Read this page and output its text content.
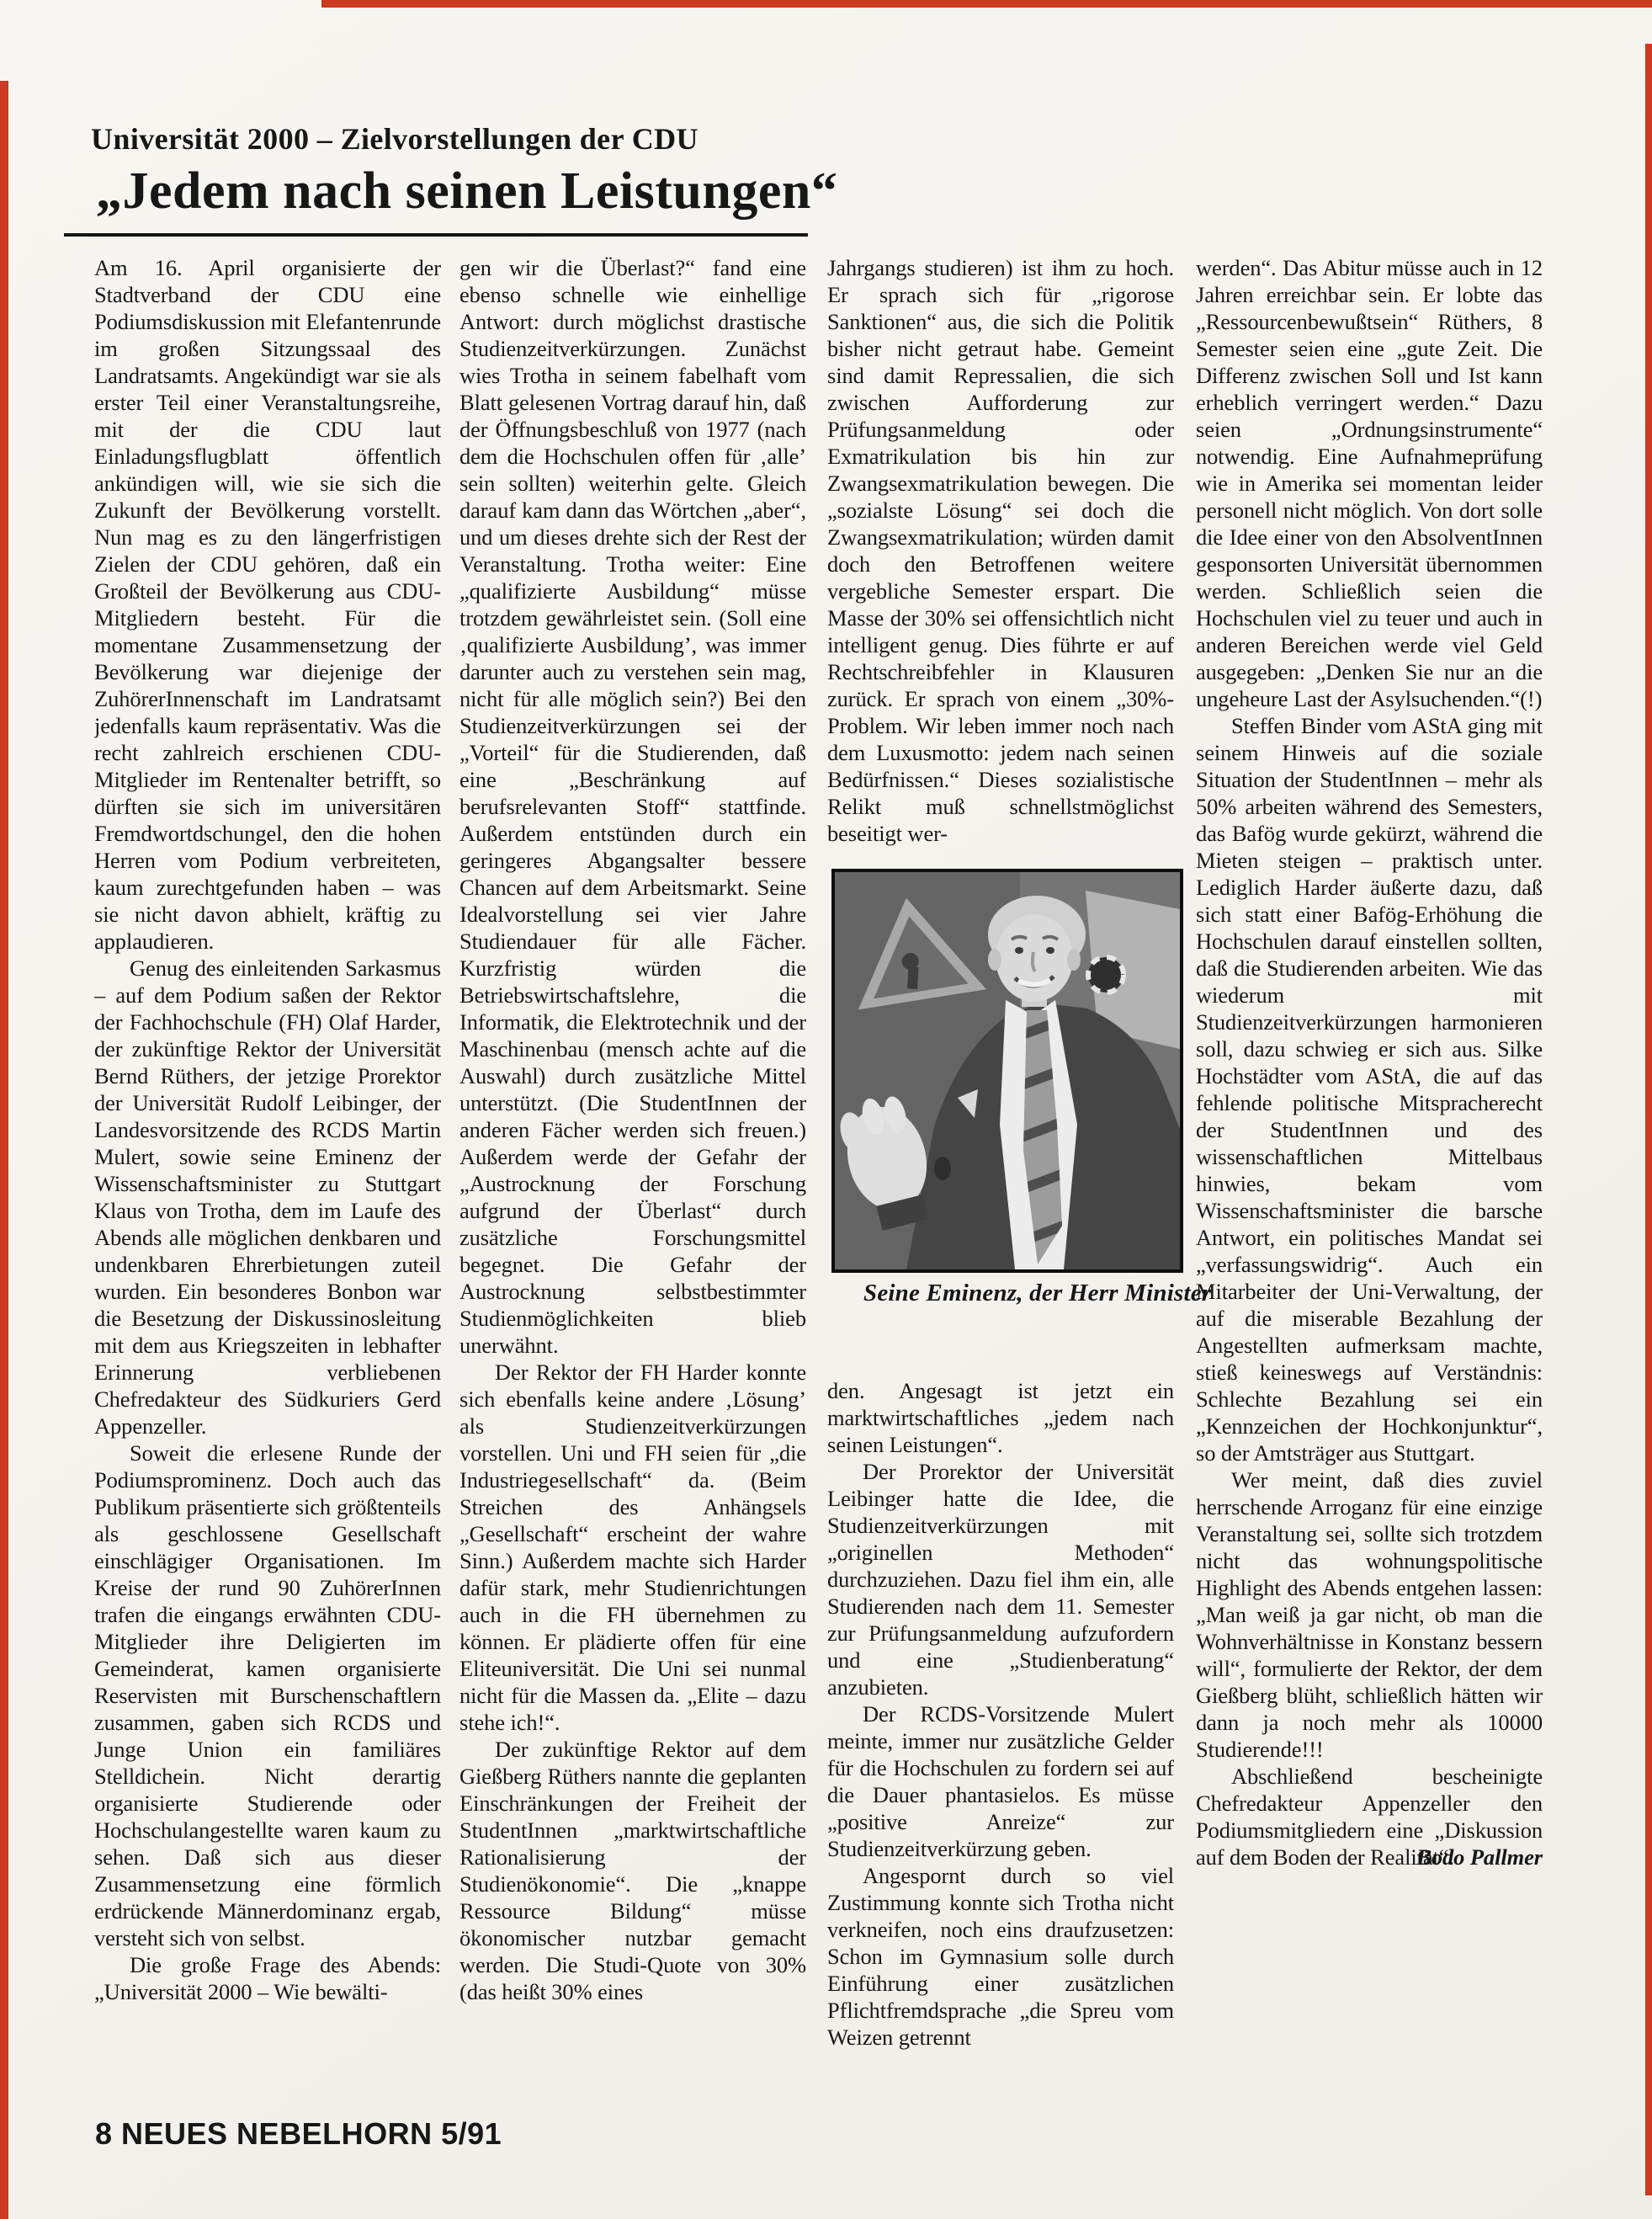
Universität 2000 – Zielvorstellungen der CDU
„Jedem nach seinen Leistungen“

Am 16. April organisierte der Stadtverband der CDU eine Podiumsdiskussion mit Elefantenrunde im großen Sitzungssaal des Landratsamts. Angekündigt war sie als erster Teil einer Veranstaltungsreihe, mit der die CDU laut Einladungsflugblatt öffentlich ankündigen will, wie sie sich die Zukunft der Bevölkerung vorstellt. Nun mag es zu den längerfristigen Zielen der CDU gehören, daß ein Großteil der Bevölkerung aus CDU-Mitgliedern besteht. Für die momentane Zusammensetzung der Bevölkerung war diejenige der ZuhörerInnenschaft im Landratsamt jedenfalls kaum repräsentativ. Was die recht zahlreich erschienen CDU-Mitglieder im Rentenalter betrifft, so dürften sie sich im universitären Fremdwortdschungel, den die hohen Herren vom Podium verbreiteten, kaum zurechtgefunden haben – was sie nicht davon abhielt, kräftig zu applaudieren.

Genug des einleitenden Sarkasmus – auf dem Podium saßen der Rektor der Fachhochschule (FH) Olaf Harder, der zukünftige Rektor der Universität Bernd Rüthers, der jetzige Prorektor der Universität Rudolf Leibinger, der Landesvorsitzende des RCDS Martin Mulert, sowie seine Eminenz der Wissenschaftsminister zu Stuttgart Klaus von Trotha, dem im Laufe des Abends alle möglichen denkbaren und undenkbaren Ehrerbietungen zuteil wurden. Ein besonderes Bonbon war die Besetzung der Diskussinosleitung mit dem aus Kriegszeiten in lebhafter Erinnerung verbliebenen Chefredakteur des Südkuriers Gerd Appenzeller.

Soweit die erlesene Runde der Podiumsprominenz. Doch auch das Publikum präsentierte sich größtenteils als geschlossene Gesellschaft einschlägiger Organisationen. Im Kreise der rund 90 ZuhörerInnen trafen die eingangs erwähnten CDU-Mitglieder ihre Deligierten im Gemeinderat, kamen organisierte Reservisten mit Burschenschaftlern zusammen, gaben sich RCDS und Junge Union ein familiäres Stelldichein. Nicht derartig organisierte Studierende oder Hochschulangestellte waren kaum zu sehen. Daß sich aus dieser Zusammensetzung eine förmlich erdrückende Männerdominanz ergab, versteht sich von selbst.

Die große Frage des Abends: „Universität 2000 – Wie bewälti-

gen wir die Überlast?“ fand eine ebenso schnelle wie einhellige Antwort: durch möglichst drastische Studienzeitverkürzungen. Zunächst wies Trotha in seinem fabelhaft vom Blatt gelesenen Vortrag darauf hin, daß der Öffnungsbeschluß von 1977 (nach dem die Hochschulen offen für ‚alle’ sein sollten) weiterhin gelte. Gleich darauf kam dann das Wörtchen „aber“, und um dieses drehte sich der Rest der Veranstaltung. Trotha weiter: Eine „qualifizierte Ausbildung“ müsse trotzdem gewährleistet sein. (Soll eine ‚qualifizierte Ausbildung’, was immer darunter auch zu verstehen sein mag, nicht für alle möglich sein?) Bei den Studienzeitverkürzungen sei der „Vorteil“ für die Studierenden, daß eine „Beschränkung auf berufsrelevanten Stoff“ stattfinde. Außerdem entstünden durch ein geringeres Abgangsalter bessere Chancen auf dem Arbeitsmarkt. Seine Idealvorstellung sei vier Jahre Studiendauer für alle Fächer. Kurzfristig würden die Betriebswirtschaftslehre, die Informatik, die Elektrotechnik und der Maschinenbau (mensch achte auf die Auswahl) durch zusätzliche Mittel unterstützt. (Die StudentInnen der anderen Fächer werden sich freuen.) Außerdem werde der Gefahr der „Austrocknung der Forschung aufgrund der Überlast“ durch zusätzliche Forschungsmittel begegnet. Die Gefahr der Austrocknung selbstbestimmter Studienmöglichkeiten blieb unerwähnt.

Der Rektor der FH Harder konnte sich ebenfalls keine andere ‚Lösung’ als Studienzeitverkürzungen vorstellen. Uni und FH seien für „die Industriegesellschaft“ da. (Beim Streichen des Anhängsels „Gesellschaft“ erscheint der wahre Sinn.) Außerdem machte sich Harder dafür stark, mehr Studienrichtungen auch in die FH übernehmen zu können. Er plädierte offen für eine Eliteuniversität. Die Uni sei nunmal nicht für die Massen da. „Elite – dazu stehe ich!“.

Der zukünftige Rektor auf dem Gießberg Rüthers nannte die geplanten Einschränkungen der Freiheit der StudentInnen „marktwirtschaftliche Rationalisierung der Studienökonomie“. Die „knappe Ressource Bildung“ müsse ökonomischer nutzbar gemacht werden. Die Studi-Quote von 30% (das heißt 30% eines

Jahrgangs studieren) ist ihm zu hoch. Er sprach sich für „rigorose Sanktionen“ aus, die sich die Politik bisher nicht getraut habe. Gemeint sind damit Repressalien, die sich zwischen Aufforderung zur Prüfungsanmeldung oder Exmatrikulation bis hin zur Zwangsexmatrikulation bewegen. Die „sozialste Lösung“ sei doch die Zwangsexmatrikulation; würden damit doch den Betroffenen weitere vergebliche Semester erspart. Die Masse der 30% sei offensichtlich nicht intelligent genug. Dies führte er auf Rechtschreibfehler in Klausuren zurück. Er sprach von einem „30%-Problem. Wir leben immer noch nach dem Luxusmotto: jedem nach seinen Bedürfnissen.“ Dieses sozialistische Relikt muß schnellstmöglichst beseitigt wer-

Seine Eminenz, der Herr Minister

den. Angesagt ist jetzt ein marktwirtschaftliches „jedem nach seinen Leistungen“.

Der Prorektor der Universität Leibinger hatte die Idee, die Studienzeitverkürzungen mit „originellen Methoden“ durchzuziehen. Dazu fiel ihm ein, alle Studierenden nach dem 11. Semester zur Prüfungsanmeldung aufzufordern und eine „Studienberatung“ anzubieten.

Der RCDS-Vorsitzende Mulert meinte, immer nur zusätzliche Gelder für die Hochschulen zu fordern sei auf die Dauer phantasielos. Es müsse „positive Anreize“ zur Studienzeitverkürzung geben.

Angespornt durch so viel Zustimmung konnte sich Trotha nicht verkneifen, noch eins draufzusetzen: Schon im Gymnasium solle durch Einführung einer zusätzlichen Pflichtfremdsprache „die Spreu vom Weizen getrennt

werden“. Das Abitur müsse auch in 12 Jahren erreichbar sein. Er lobte das „Ressourcenbewußtsein“ Rüthers, 8 Semester seien eine „gute Zeit. Die Differenz zwischen Soll und Ist kann erheblich verringert werden.“ Dazu seien „Ordnungsinstrumente“ notwendig. Eine Aufnahmeprüfung wie in Amerika sei momentan leider personell nicht möglich. Von dort solle die Idee einer von den AbsolventInnen gesponsorten Universität übernommen werden. Schließlich seien die Hochschulen viel zu teuer und auch in anderen Bereichen werde viel Geld ausgegeben: „Denken Sie nur an die ungeheure Last der Asylsuchenden.“(!)

Steffen Binder vom AStA ging mit seinem Hinweis auf die soziale Situation der StudentInnen – mehr als 50% arbeiten während des Semesters, das Bafög wurde gekürzt, während die Mieten steigen – praktisch unter. Lediglich Harder äußerte dazu, daß sich statt einer Bafög-Erhöhung die Hochschulen darauf einstellen sollten, daß die Studierenden arbeiten. Wie das wiederum mit Studienzeitverkürzungen harmonieren soll, dazu schwieg er sich aus. Silke Hochstädter vom AStA, die auf das fehlende politische Mitspracherecht der StudentInnen und des wissenschaftlichen Mittelbaus hinwies, bekam vom Wissenschaftsminister die barsche Antwort, ein politisches Mandat sei „verfassungswidrig“. Auch ein Mitarbeiter der Uni-Verwaltung, der auf die miserable Bezahlung der Angestellten aufmerksam machte, stieß keineswegs auf Verständnis: Schlechte Bezahlung sei ein „Kennzeichen der Hochkonjunktur“, so der Amtsträger aus Stuttgart.

Wer meint, daß dies zuviel herrschende Arroganz für eine einzige Veranstaltung sei, sollte sich trotzdem nicht das wohnungspolitische Highlight des Abends entgehen lassen: „Man weiß ja gar nicht, ob man die Wohnverhältnisse in Konstanz bessern will“, formulierte der Rektor, der dem Gießberg blüht, schließlich hätten wir dann ja noch mehr als 10000 Studierende!!!

Abschließend bescheinigte Chefredakteur Appenzeller den Podiumsmitgliedern eine „Diskussion auf dem Boden der Realität“.

Bodo Pallmer
8 NEUES NEBELHORN 5/91
